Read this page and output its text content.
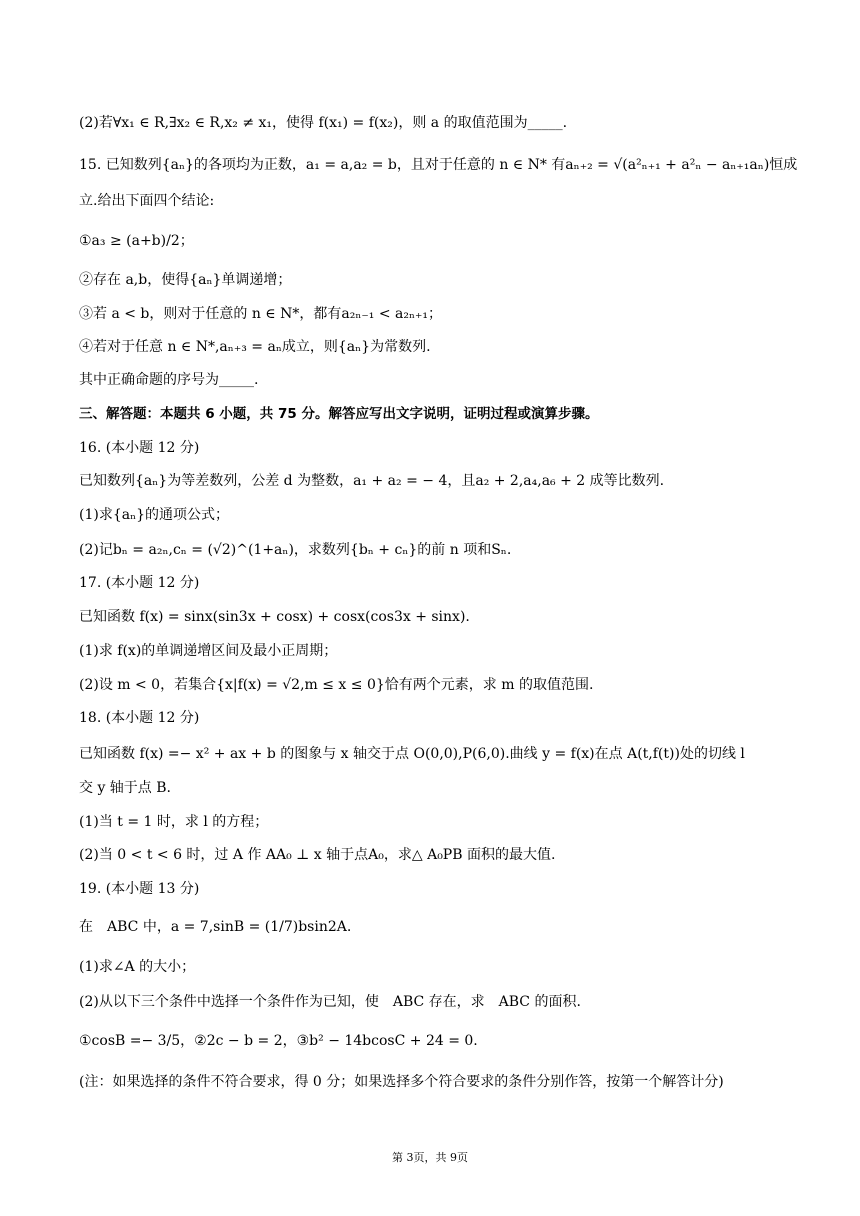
(2)若∀x₁ ∈ R,∃x₂ ∈ R,x₂ ≠ x₁，使得 f(x₁) = f(x₂)，则 a 的取值范围为_____.
15. 已知数列{aₙ}的各项均为正数，a₁ = a,a₂ = b，且对于任意的 n ∈ N* 有aₙ₊₂ = √(a²ₙ₊₁ + a²ₙ − aₙ₊₁aₙ)恒成
立.给出下面四个结论:
①a₃ ≥ (a+b)/2；
②存在 a,b，使得{aₙ}单调递增；
③若 a < b，则对于任意的 n ∈ N*，都有a₂ₙ₋₁ < a₂ₙ₊₁；
④若对于任意 n ∈ N*,aₙ₊₃ = aₙ成立，则{aₙ}为常数列.
其中正确命题的序号为_____.
三、解答题：本题共 6 小题，共 75 分。解答应写出文字说明，证明过程或演算步骤。
16. (本小题 12 分)
已知数列{aₙ}为等差数列，公差 d 为整数，a₁ + a₂ = − 4，且a₂ + 2,a₄,a₆ + 2 成等比数列.
(1)求{aₙ}的通项公式；
(2)记bₙ = a₂ₙ,cₙ = (√2)^(1+aₙ)，求数列{bₙ + cₙ}的前 n 项和Sₙ.
17. (本小题 12 分)
已知函数 f(x) = sinx(sin3x + cosx) + cosx(cos3x + sinx).
(1)求 f(x)的单调递增区间及最小正周期；
(2)设 m < 0，若集合{x|f(x) = √2,m ≤ x ≤ 0}恰有两个元素，求 m 的取值范围.
18. (本小题 12 分)
已知函数 f(x) =− x² + ax + b 的图象与 x 轴交于点 O(0,0),P(6,0).曲线 y = f(x)在点 A(t,f(t))处的切线 l
交 y 轴于点 B.
(1)当 t = 1 时，求 l 的方程；
(2)当 0 < t < 6 时，过 A 作 AA₀ ⊥ x 轴于点A₀，求△ A₀PB 面积的最大值.
19. (本小题 13 分)
在　ABC 中，a = 7,sinB = (1/7)bsin2A.
(1)求∠A 的大小；
(2)从以下三个条件中选择一个条件作为已知，使　ABC 存在，求　ABC 的面积.
①cosB =− 3/5，②2c − b = 2，③b² − 14bcosC + 24 = 0.
(注：如果选择的条件不符合要求，得 0 分；如果选择多个符合要求的条件分别作答，按第一个解答计分)
第 3页，共 9页
